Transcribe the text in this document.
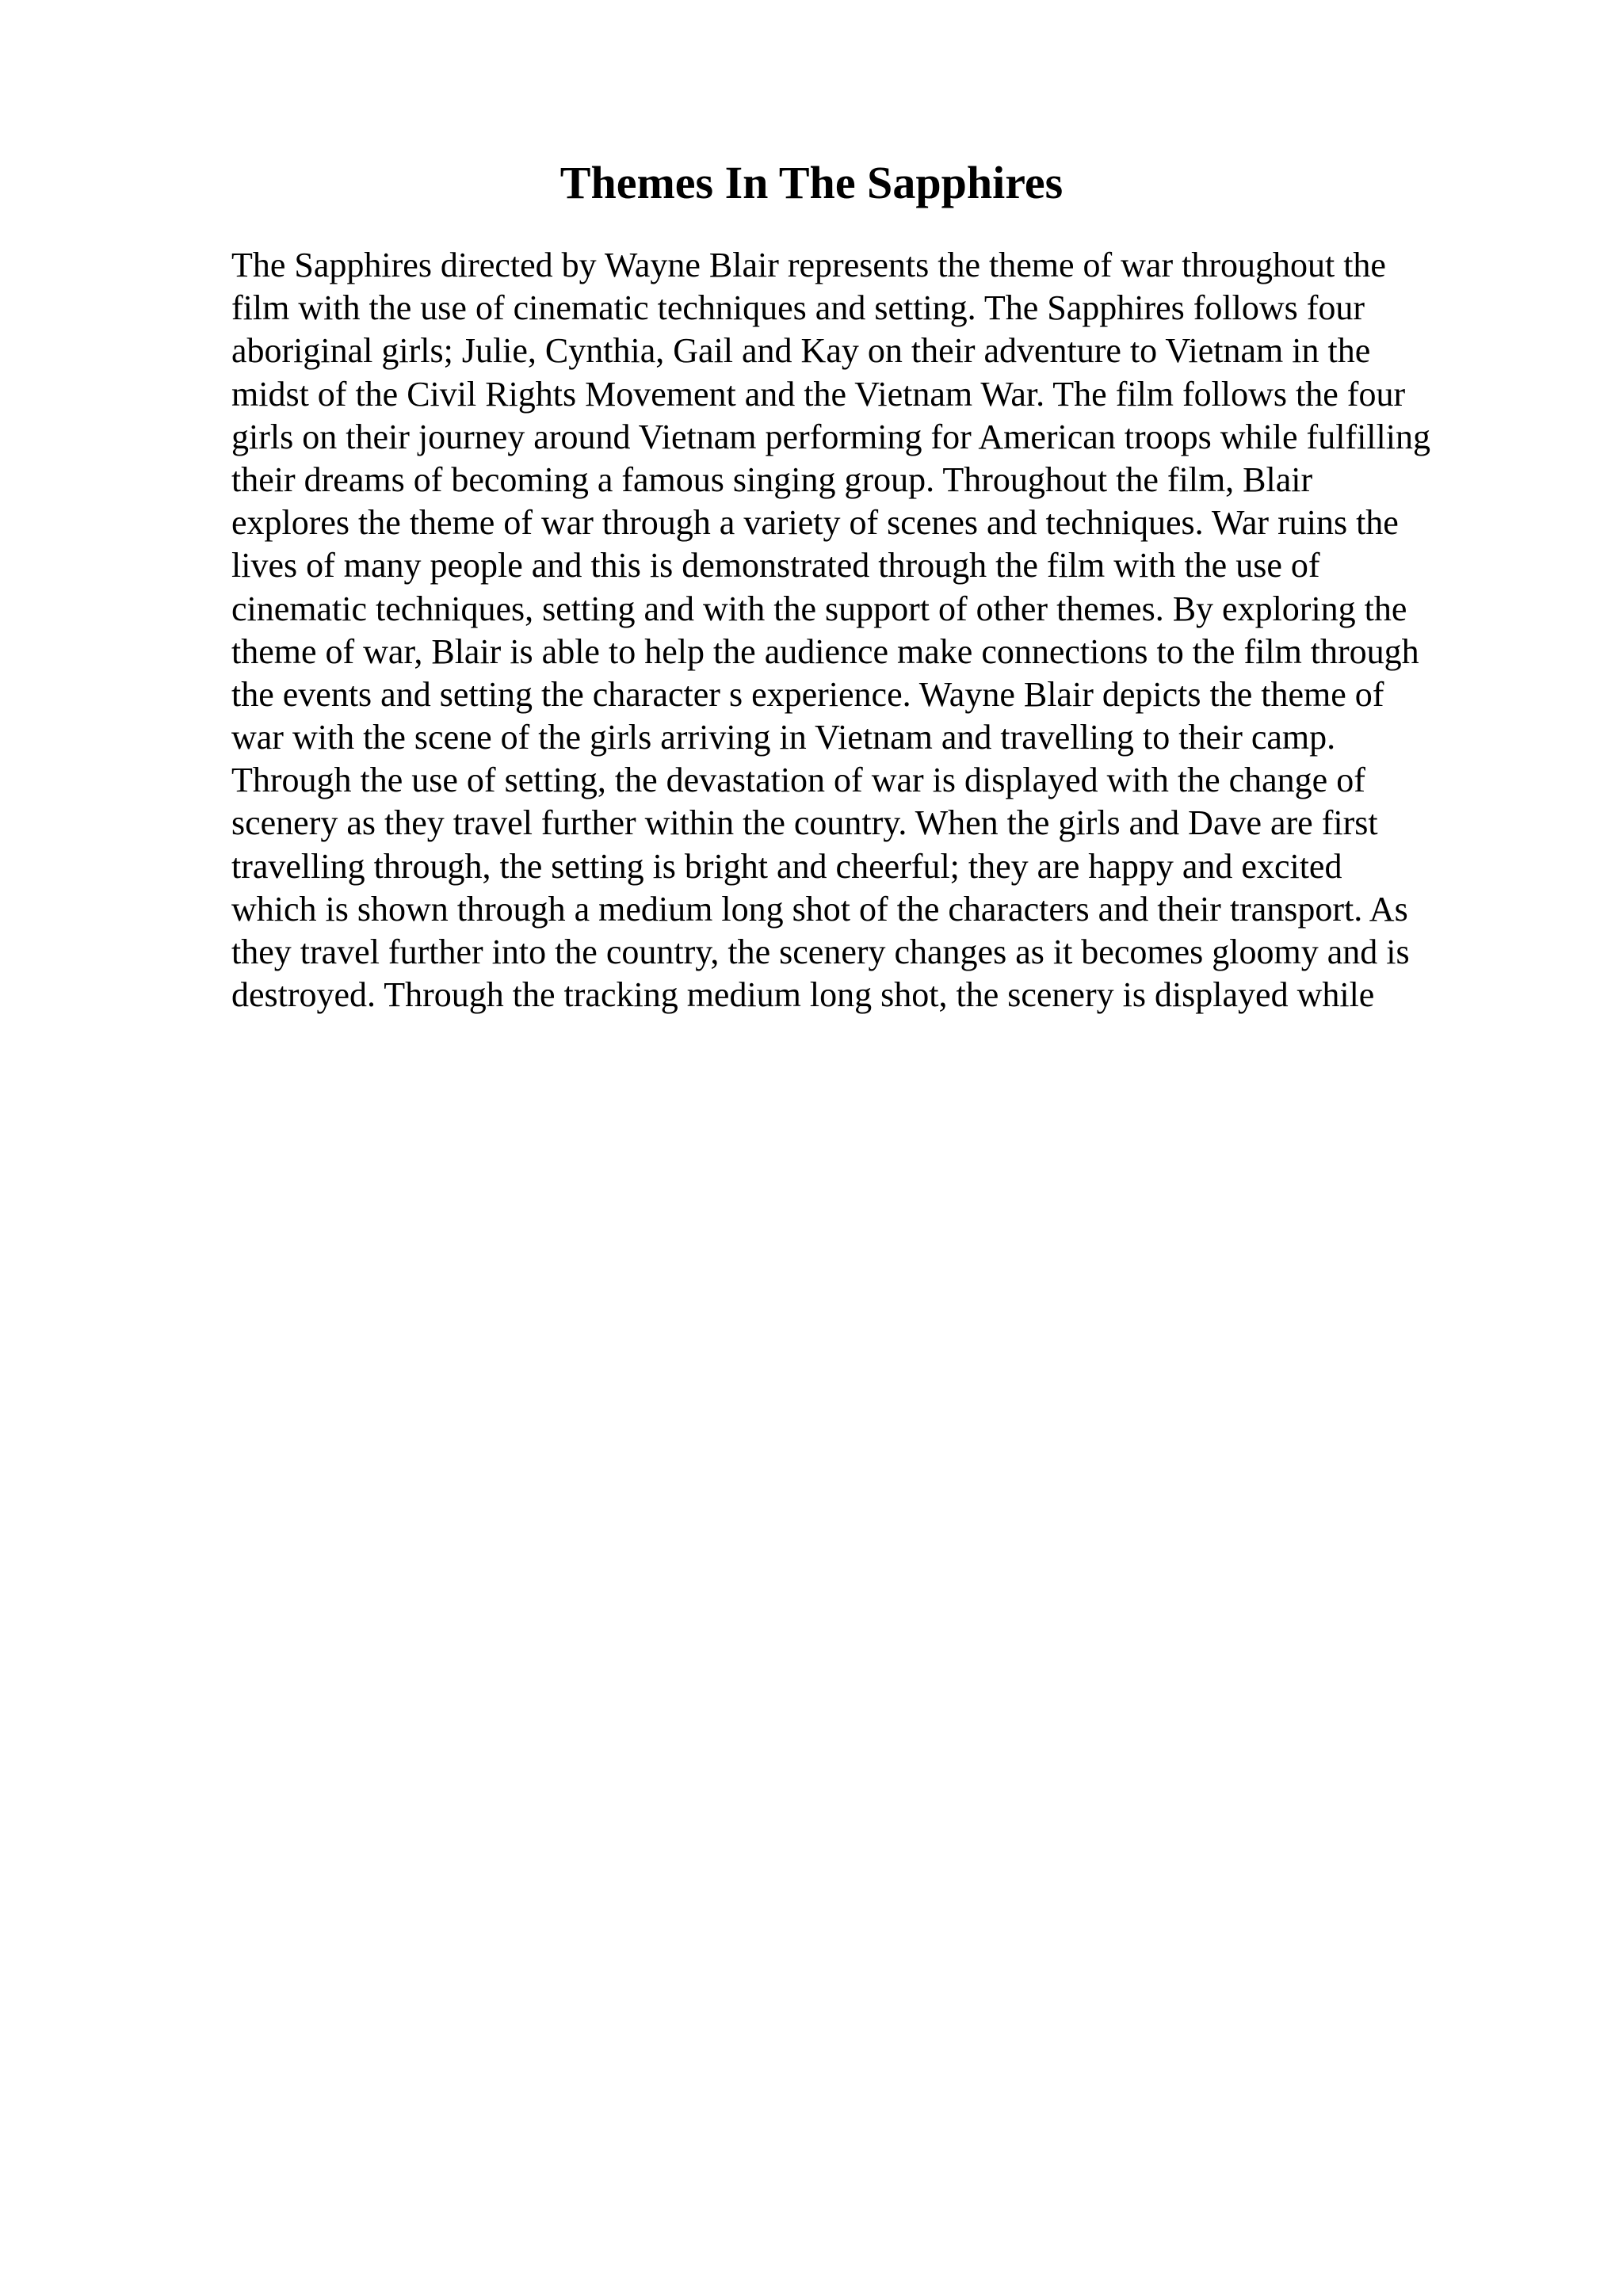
Themes In The Sapphires
The Sapphires directed by Wayne Blair represents the theme of war throughout the
film with the use of cinematic techniques and setting. The Sapphires follows four
aboriginal girls; Julie, Cynthia, Gail and Kay on their adventure to Vietnam in the
midst of the Civil Rights Movement and the Vietnam War. The film follows the four
girls on their journey around Vietnam performing for American troops while fulfilling
their dreams of becoming a famous singing group. Throughout the film, Blair
explores the theme of war through a variety of scenes and techniques. War ruins the
lives of many people and this is demonstrated through the film with the use of
cinematic techniques, setting and with the support of other themes. By exploring the
theme of war, Blair is able to help the audience make connections to the film through
the events and setting the character s experience. Wayne Blair depicts the theme of
war with the scene of the girls arriving in Vietnam and travelling to their camp.
Through the use of setting, the devastation of war is displayed with the change of
scenery as they travel further within the country. When the girls and Dave are first
travelling through, the setting is bright and cheerful; they are happy and excited
which is shown through a medium long shot of the characters and their transport. As
they travel further into the country, the scenery changes as it becomes gloomy and is
destroyed. Through the tracking medium long shot, the scenery is displayed while
